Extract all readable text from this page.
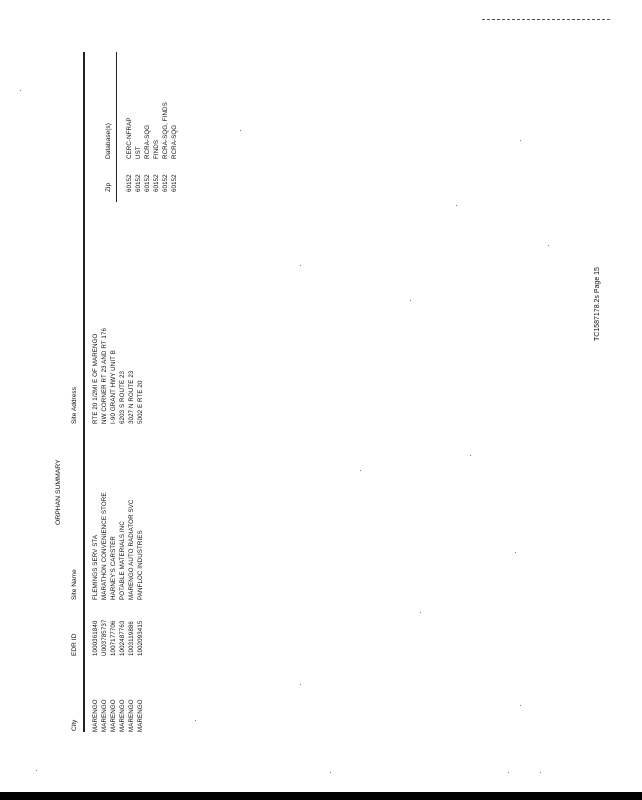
ORPHAN SUMMARY
City
EDR ID
Site Name
Site Address
Zip
Database(s)
MARENGO
1000361840
FLEMINGS SERV STA
RTE 20 1/2MI E OF MARENGO
60152
CERC-NFRAP
MARENGO
U003785737
MARATHON CONVENIENCE STORE
NW CORNER RT 23 AND RT 176
60152
UST
MARENGO
1007177706
HARNEY'S CARSTER
I-90 GRANT HWY UNIT B
60152
RCRA-SQG
MARENGO
1002487763
POTABLE MATERIALS INC
6203 S ROUTE 23
60152
FINDS
MARENGO
1003119886
MARENGO AUTO RADIATOR SVC
3027 N ROUTE 23
60152
RCRA-SQG, FINDS
MARENGO
1002093415
PANFLOC INDUSTRIES
5002 E RTE 20
60152
RCRA-SQG
TC1587178.2s Page 15
